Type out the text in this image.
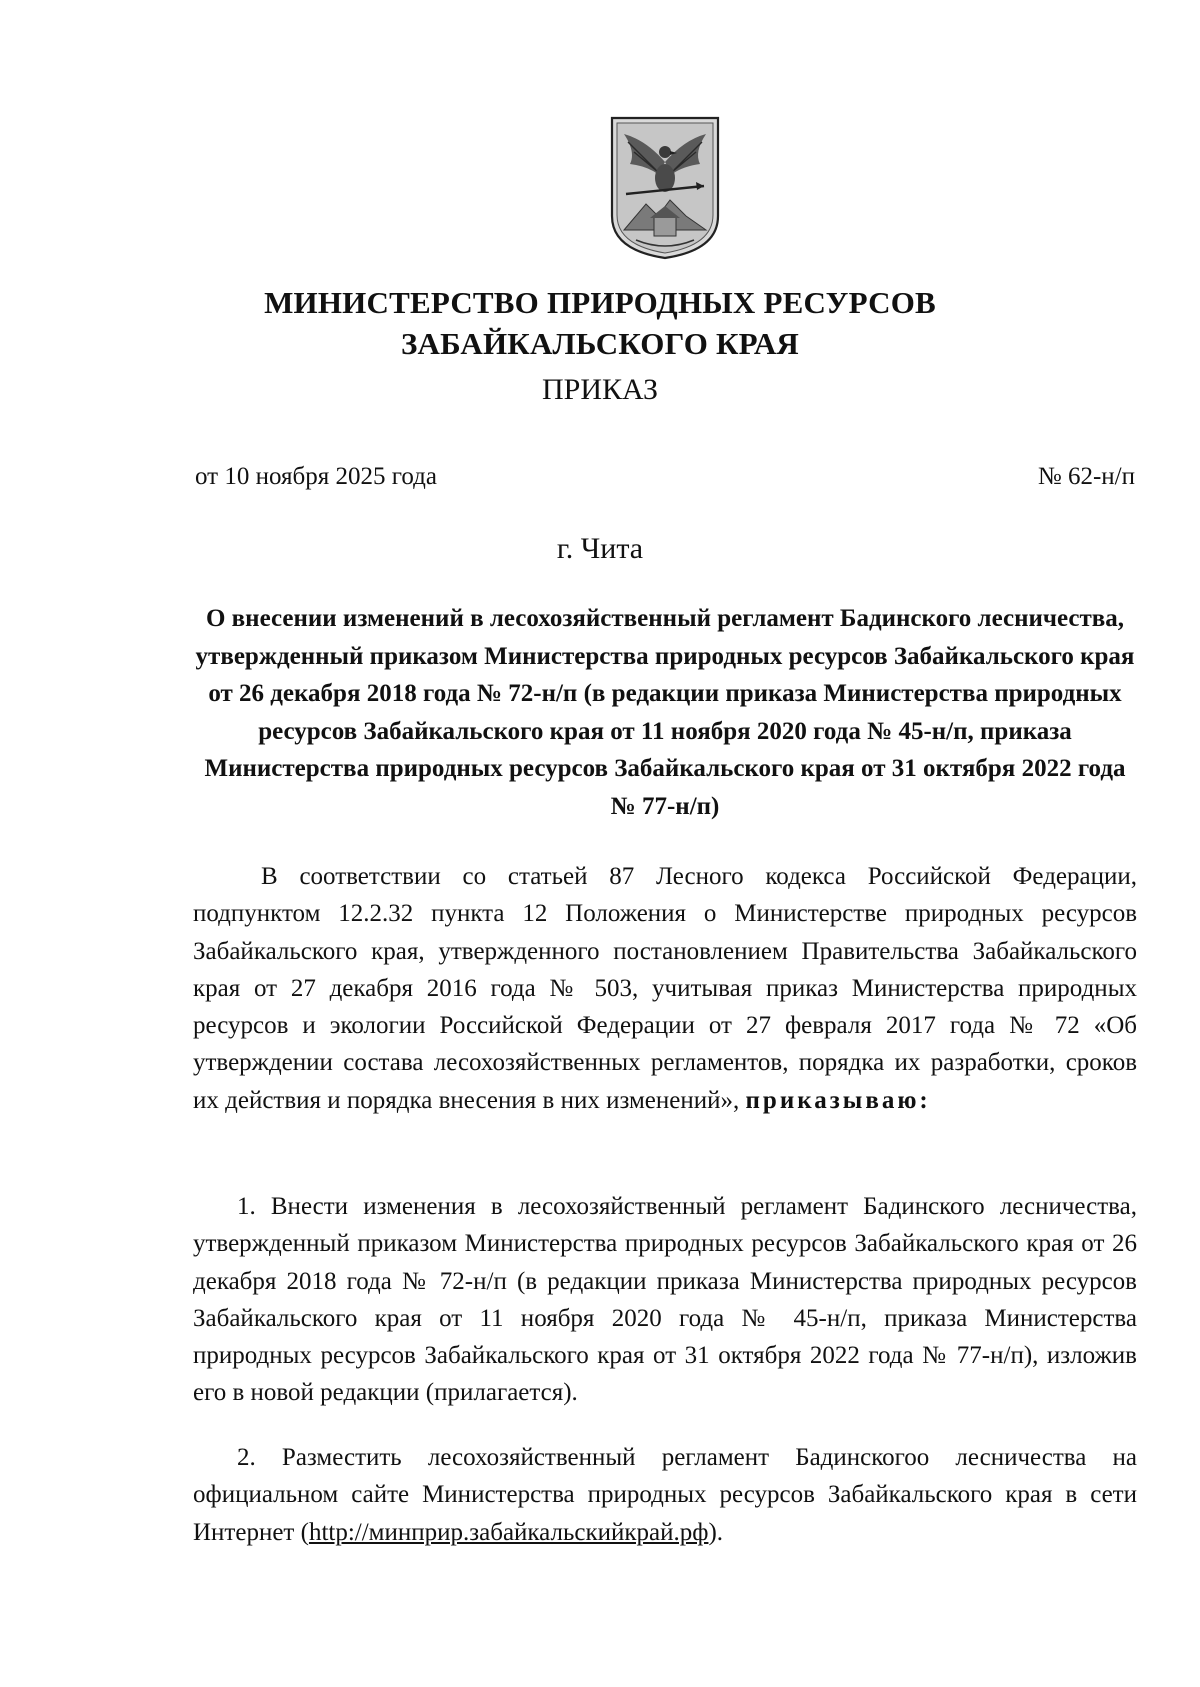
МИНИСТЕРСТВО ПРИРОДНЫХ РЕСУРСОВ
ЗАБАЙКАЛЬСКОГО КРАЯ
ПРИКАЗ
от 10 ноября 2025 года	№ 62-н/п
г. Чита
О внесении изменений в лесохозяйственный регламент Бадинского лесничества, утвержденный приказом Министерства природных ресурсов Забайкальского края от 26 декабря 2018 года № 72-н/п (в редакции приказа Министерства природных ресурсов Забайкальского края от 11 ноября 2020 года № 45-н/п, приказа Министерства природных ресурсов Забайкальского края от 31 октября 2022 года № 77-н/п)

В соответствии со статьей 87 Лесного кодекса Российской Федерации, подпунктом 12.2.32 пункта 12 Положения о Министерстве природных ресурсов Забайкальского края, утвержденного постановлением Правительства Забайкальского края от 27 декабря 2016 года № 503, учитывая приказ Министерства природных ресурсов и экологии Российской Федерации от 27 февраля 2017 года № 72 «Об утверждении состава лесохозяйственных регламентов, порядка их разработки, сроков их действия и порядка внесения в них изменений», приказываю:

1. Внести изменения в лесохозяйственный регламент Бадинского лесничества, утвержденный приказом Министерства природных ресурсов Забайкальского края от 26 декабря 2018 года № 72-н/п (в редакции приказа Министерства природных ресурсов Забайкальского края от 11 ноября 2020 года № 45-н/п, приказа Министерства природных ресурсов Забайкальского края от 31 октября 2022 года № 77-н/п), изложив его в новой редакции (прилагается).

2. Разместить лесохозяйственный регламент Бадинскогоо лесничества на официальном сайте Министерства природных ресурсов Забайкальского края в сети Интернет (http://минприр.забайкальскийкрай.рф).
